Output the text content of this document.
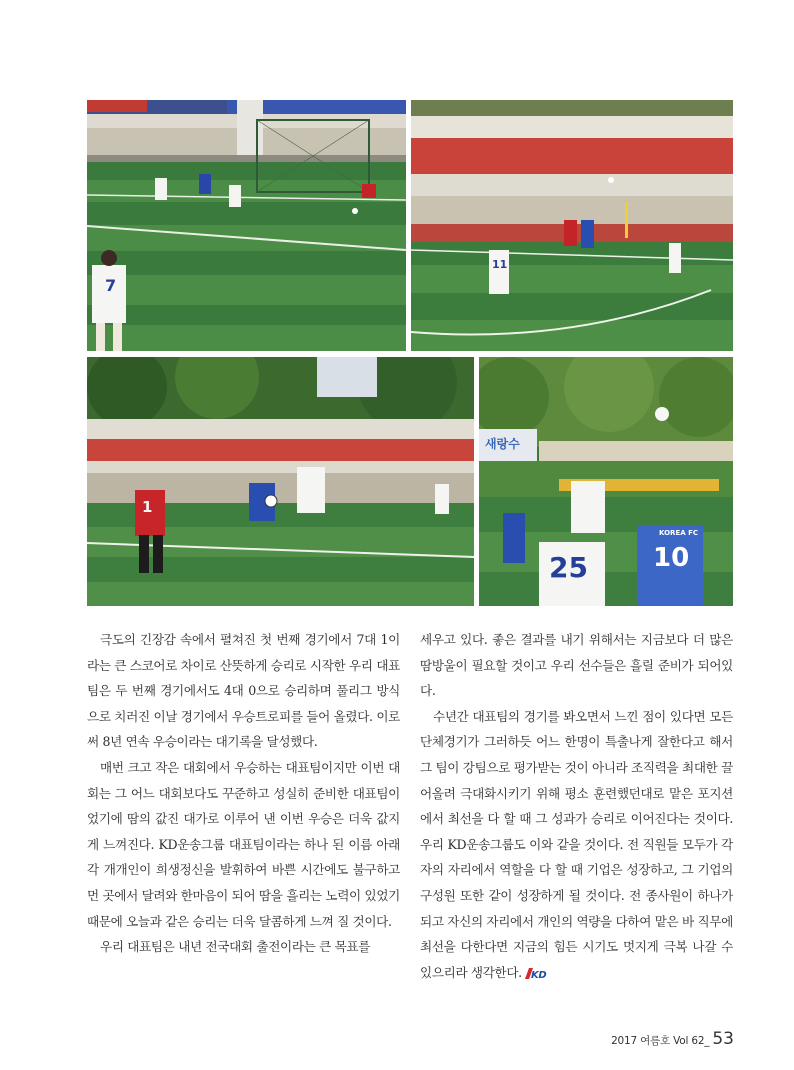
7
11
1
새랑수
KOREA FC
25	10

극도의 긴장감 속에서 펼쳐진 첫 번째 경기에서 7대 1이라는 큰 스코어로 차이로 산뜻하게 승리로 시작한 우리 대표팀은 두 번째 경기에서도 4대 0으로 승리하며 풀리그 방식으로 치러진 이날 경기에서 우승트로피를 들어 올렸다. 이로써 8년 연속 우승이라는 대기록을 달성했다.

매번 크고 작은 대회에서 우승하는 대표팀이지만 이번 대회는 그 어느 대회보다도 꾸준하고 성실히 준비한 대표팀이었기에 땀의 값진 대가로 이루어 낸 이번 우승은 더욱 값지게 느껴진다. KD운송그룹 대표팀이라는 하나 된 이름 아래 각 개개인이 희생정신을 발휘하여 바쁜 시간에도 불구하고 먼 곳에서 달려와 한마음이 되어 땀을 흘리는 노력이 있었기 때문에 오늘과 같은 승리는 더욱 달콤하게 느껴 질 것이다.

우리 대표팀은 내년 전국대회 출전이라는 큰 목표를

세우고 있다. 좋은 결과를 내기 위해서는 지금보다 더 많은 땀방울이 필요할 것이고 우리 선수들은 흘릴 준비가 되어있다.

수년간 대표팀의 경기를 봐오면서 느낀 점이 있다면 모든 단체경기가 그러하듯 어느 한명이 특출나게 잘한다고 해서 그 팀이 강팀으로 평가받는 것이 아니라 조직력을 최대한 끌어올려 극대화시키기 위해 평소 훈련했던대로 맡은 포지션에서 최선을 다 할 때 그 성과가 승리로 이어진다는 것이다. 우리 KD운송그룹도 이와 같을 것이다. 전 직원들 모두가 각자의 자리에서 역할을 다 할 때 기업은 성장하고, 그 기업의 구성원 또한 같이 성장하게 될 것이다. 전 종사원이 하나가 되고 자신의 자리에서 개인의 역량을 다하여 맡은 바 직무에 최선을 다한다면 지금의 힘든 시기도 멋지게 극복 나갈 수 있으리라 생각한다. KD

2017 여름호 Vol 62_ 53
